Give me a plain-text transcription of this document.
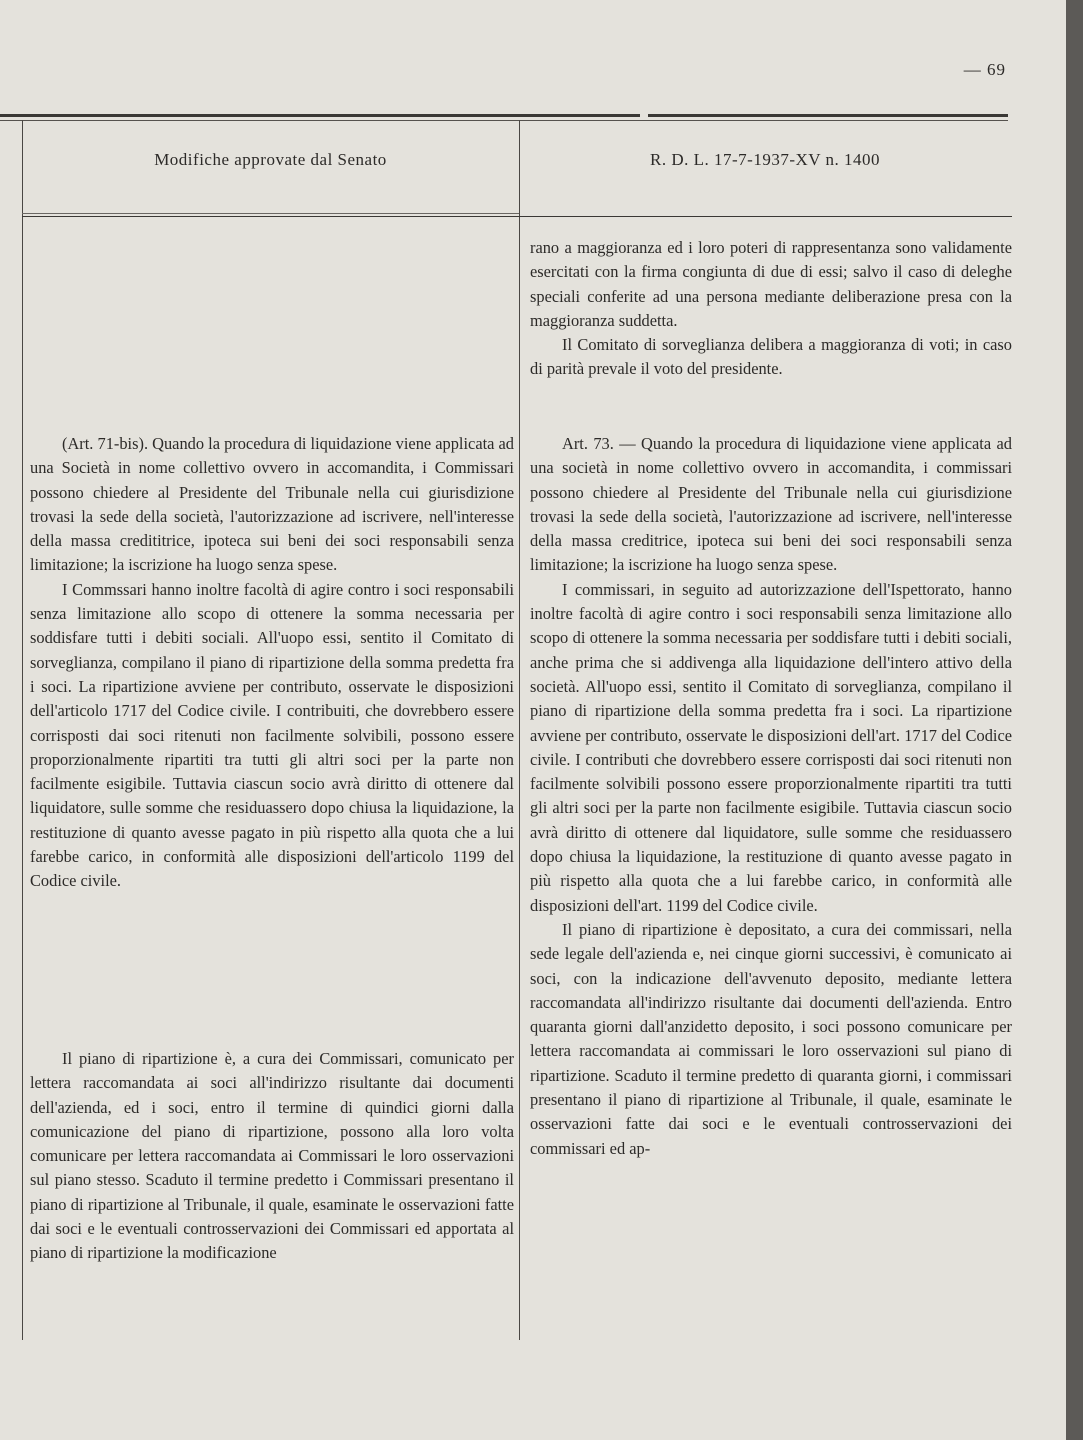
— 69
Modifiche approvate dal Senato	R. D. L. 17-7-1937-XV n. 1400

(Art. 71-bis). Quando la procedura di liquidazione viene applicata ad una Società in nome collettivo ovvero in accomandita, i Commissari possono chiedere al Presidente del Tribunale nella cui giurisdizione trovasi la sede della società, l'autorizzazione ad iscrivere, nell'interesse della massa credititrice, ipoteca sui beni dei soci responsabili senza limitazione; la iscrizione ha luogo senza spese.

I Commssari hanno inoltre facoltà di agire contro i soci responsabili senza limitazione allo scopo di ottenere la somma necessaria per soddisfare tutti i debiti sociali. All'uopo essi, sentito il Comitato di sorveglianza, compilano il piano di ripartizione della somma predetta fra i soci. La ripartizione avviene per contributo, osservate le disposizioni dell'articolo 1717 del Codice civile. I contribuiti, che dovrebbero essere corrisposti dai soci ritenuti non facilmente solvibili, possono essere proporzionalmente ripartiti tra tutti gli altri soci per la parte non facilmente esigibile. Tuttavia ciascun socio avrà diritto di ottenere dal liquidatore, sulle somme che residuassero dopo chiusa la liquidazione, la restituzione di quanto avesse pagato in più rispetto alla quota che a lui farebbe carico, in conformità alle disposizioni dell'articolo 1199 del Codice civile.

Il piano di ripartizione è, a cura dei Commissari, comunicato per lettera raccomandata ai soci all'indirizzo risultante dai documenti dell'azienda, ed i soci, entro il termine di quindici giorni dalla comunicazione del piano di ripartizione, possono alla loro volta comunicare per lettera raccomandata ai Commissari le loro osservazioni sul piano stesso. Scaduto il termine predetto i Commissari presentano il piano di ripartizione al Tribunale, il quale, esaminate le osservazioni fatte dai soci e le eventuali controsservazioni dei Commissari ed apportata al piano di ripartizione la modificazione

rano a maggioranza ed i loro poteri di rappresentanza sono validamente esercitati con la firma congiunta di due di essi; salvo il caso di deleghe speciali conferite ad una persona mediante deliberazione presa con la maggioranza suddetta.

Il Comitato di sorveglianza delibera a maggioranza di voti; in caso di parità prevale il voto del presidente.

Art. 73. — Quando la procedura di liquidazione viene applicata ad una società in nome collettivo ovvero in accomandita, i commissari possono chiedere al Presidente del Tribunale nella cui giurisdizione trovasi la sede della società, l'autorizzazione ad iscrivere, nell'interesse della massa creditrice, ipoteca sui beni dei soci responsabili senza limitazione; la iscrizione ha luogo senza spese.

I commissari, in seguito ad autorizzazione dell'Ispettorato, hanno inoltre facoltà di agire contro i soci responsabili senza limitazione allo scopo di ottenere la somma necessaria per soddisfare tutti i debiti sociali, anche prima che si addivenga alla liquidazione dell'intero attivo della società. All'uopo essi, sentito il Comitato di sorveglianza, compilano il piano di ripartizione della somma predetta fra i soci. La ripartizione avviene per contributo, osservate le disposizioni dell'art. 1717 del Codice civile. I contributi che dovrebbero essere corrisposti dai soci ritenuti non facilmente solvibili possono essere proporzionalmente ripartiti tra tutti gli altri soci per la parte non facilmente esigibile. Tuttavia ciascun socio avrà diritto di ottenere dal liquidatore, sulle somme che residuassero dopo chiusa la liquidazione, la restituzione di quanto avesse pagato in più rispetto alla quota che a lui farebbe carico, in conformità alle disposizioni dell'art. 1199 del Codice civile.

Il piano di ripartizione è depositato, a cura dei commissari, nella sede legale dell'azienda e, nei cinque giorni successivi, è comunicato ai soci, con la indicazione dell'avvenuto deposito, mediante lettera raccomandata all'indirizzo risultante dai documenti dell'azienda. Entro quaranta giorni dall'anzidetto deposito, i soci possono comunicare per lettera raccomandata ai commissari le loro osservazioni sul piano di ripartizione. Scaduto il termine predetto di quaranta giorni, i commissari presentano il piano di ripartizione al Tribunale, il quale, esaminate le osservazioni fatte dai soci e le eventuali controsservazioni dei commissari ed ap-
